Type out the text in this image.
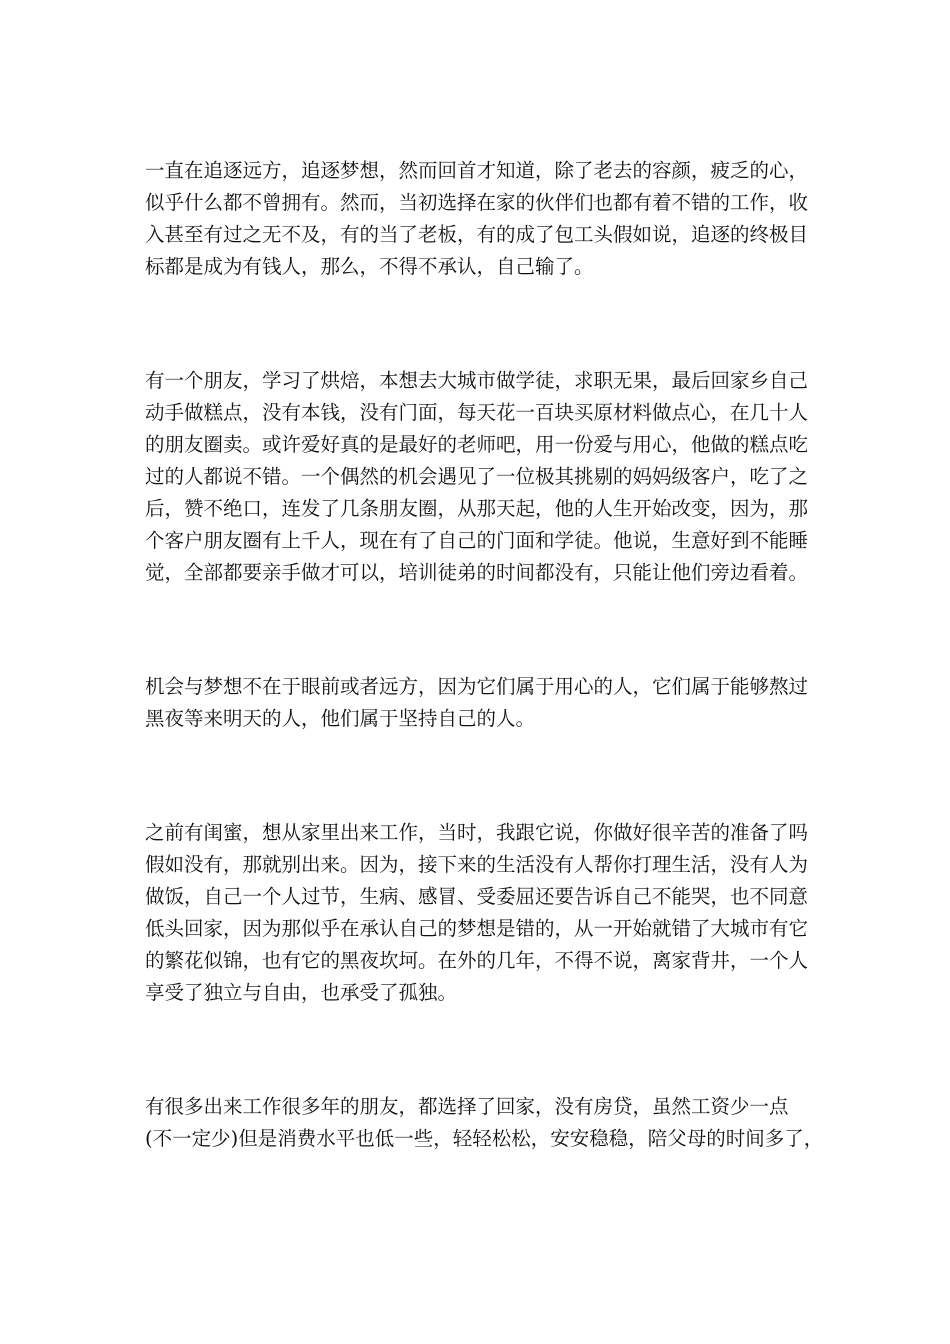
一直在追逐远方，追逐梦想，然而回首才知道，除了老去的容颜，疲乏的心，
似乎什么都不曾拥有。然而，当初选择在家的伙伴们也都有着不错的工作，收
入甚至有过之无不及，有的当了老板，有的成了包工头假如说，追逐的终极目
标都是成为有钱人，那么，不得不承认，自己输了。

有一个朋友，学习了烘焙，本想去大城市做学徒，求职无果，最后回家乡自己
动手做糕点，没有本钱，没有门面，每天花一百块买原材料做点心，在几十人
的朋友圈卖。或许爱好真的是最好的老师吧，用一份爱与用心，他做的糕点吃
过的人都说不错。一个偶然的机会遇见了一位极其挑剔的妈妈级客户，吃了之
后，赞不绝口，连发了几条朋友圈，从那天起，他的人生开始改变，因为，那
个客户朋友圈有上千人，现在有了自己的门面和学徒。他说，生意好到不能睡
觉，全部都要亲手做才可以，培训徒弟的时间都没有，只能让他们旁边看着。

机会与梦想不在于眼前或者远方，因为它们属于用心的人，它们属于能够熬过
黑夜等来明天的人，他们属于坚持自己的人。

之前有闺蜜，想从家里出来工作，当时，我跟它说，你做好很辛苦的准备了吗
假如没有，那就别出来。因为，接下来的生活没有人帮你打理生活，没有人为
做饭，自己一个人过节，生病、感冒、受委屈还要告诉自己不能哭，也不同意
低头回家，因为那似乎在承认自己的梦想是错的，从一开始就错了大城市有它
的繁花似锦，也有它的黑夜坎坷。在外的几年，不得不说，离家背井，一个人
享受了独立与自由，也承受了孤独。

有很多出来工作很多年的朋友，都选择了回家，没有房贷，虽然工资少一点
(不一定少)但是消费水平也低一些，轻轻松松，安安稳稳，陪父母的时间多了，
